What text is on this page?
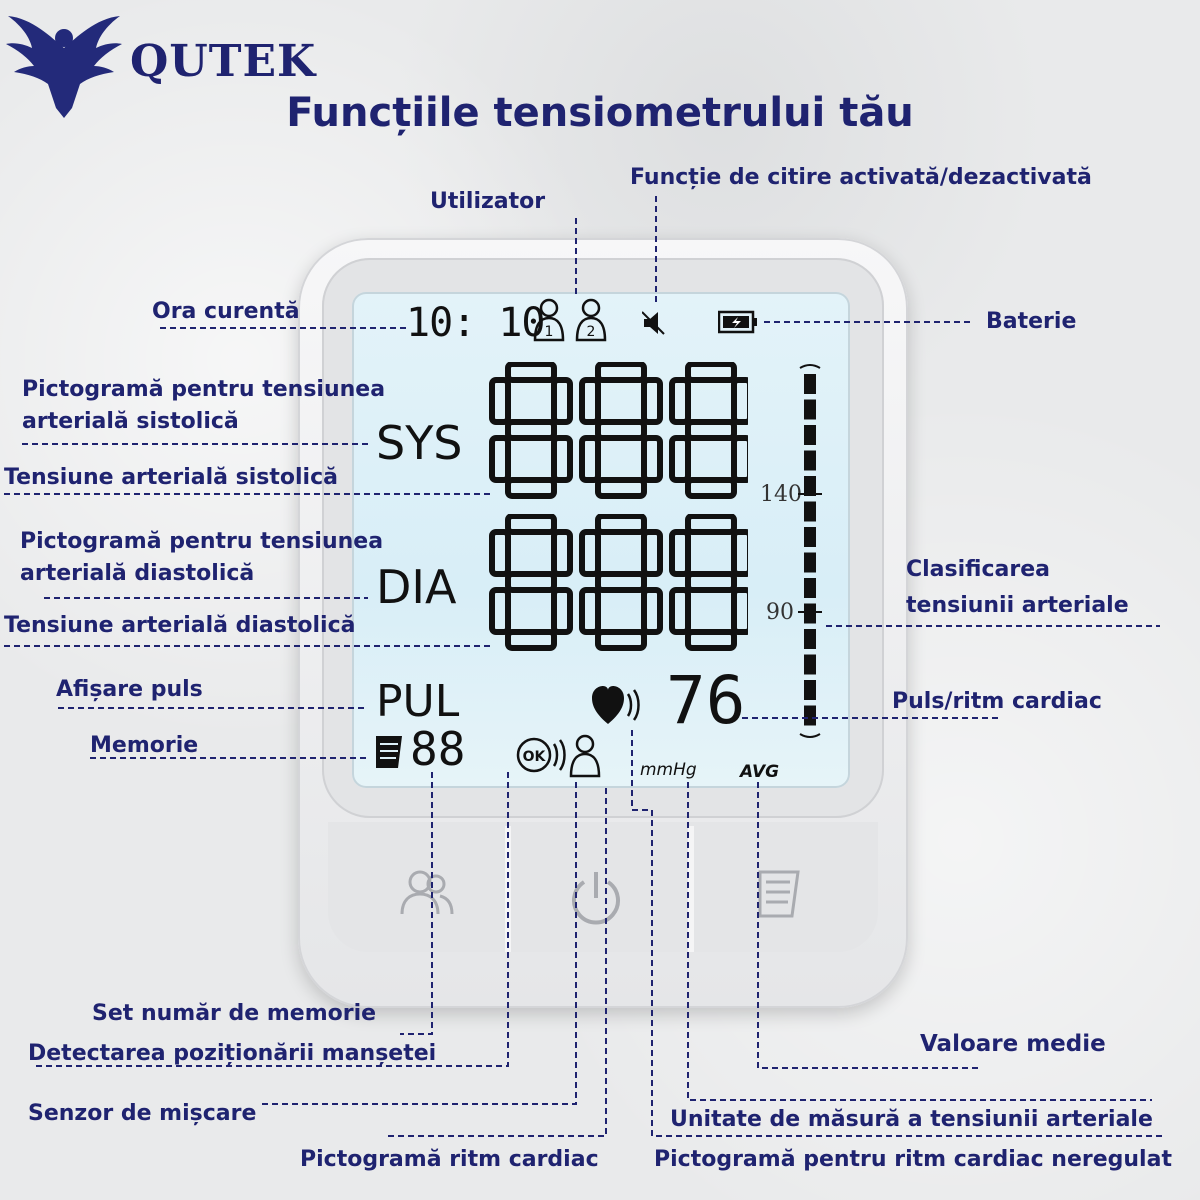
QUTEK
Funcțiile tensiometrului tău
10: 10 1 2
SYS
DIA
PUL	76
88	OK
mmHg	AVG
140
90
Utilizator
Funcție de citire activată/dezactivată
Ora curentă	Baterie
Pictogramă pentru tensiunea
arterială sistolică
Tensiune arterială sistolică
Pictogramă pentru tensiunea
arterială diastolică
Tensiune arterială diastolică
Clasificarea
tensiunii arteriale
Afișare puls	Puls/ritm cardiac
Memorie
Set număr de memorie
Detectarea poziționării manșetei	Valoare medie
Senzor de mișcare	Unitate de măsură a tensiunii arteriale
Pictogramă ritm cardiac	Pictogramă pentru ritm cardiac neregulat
